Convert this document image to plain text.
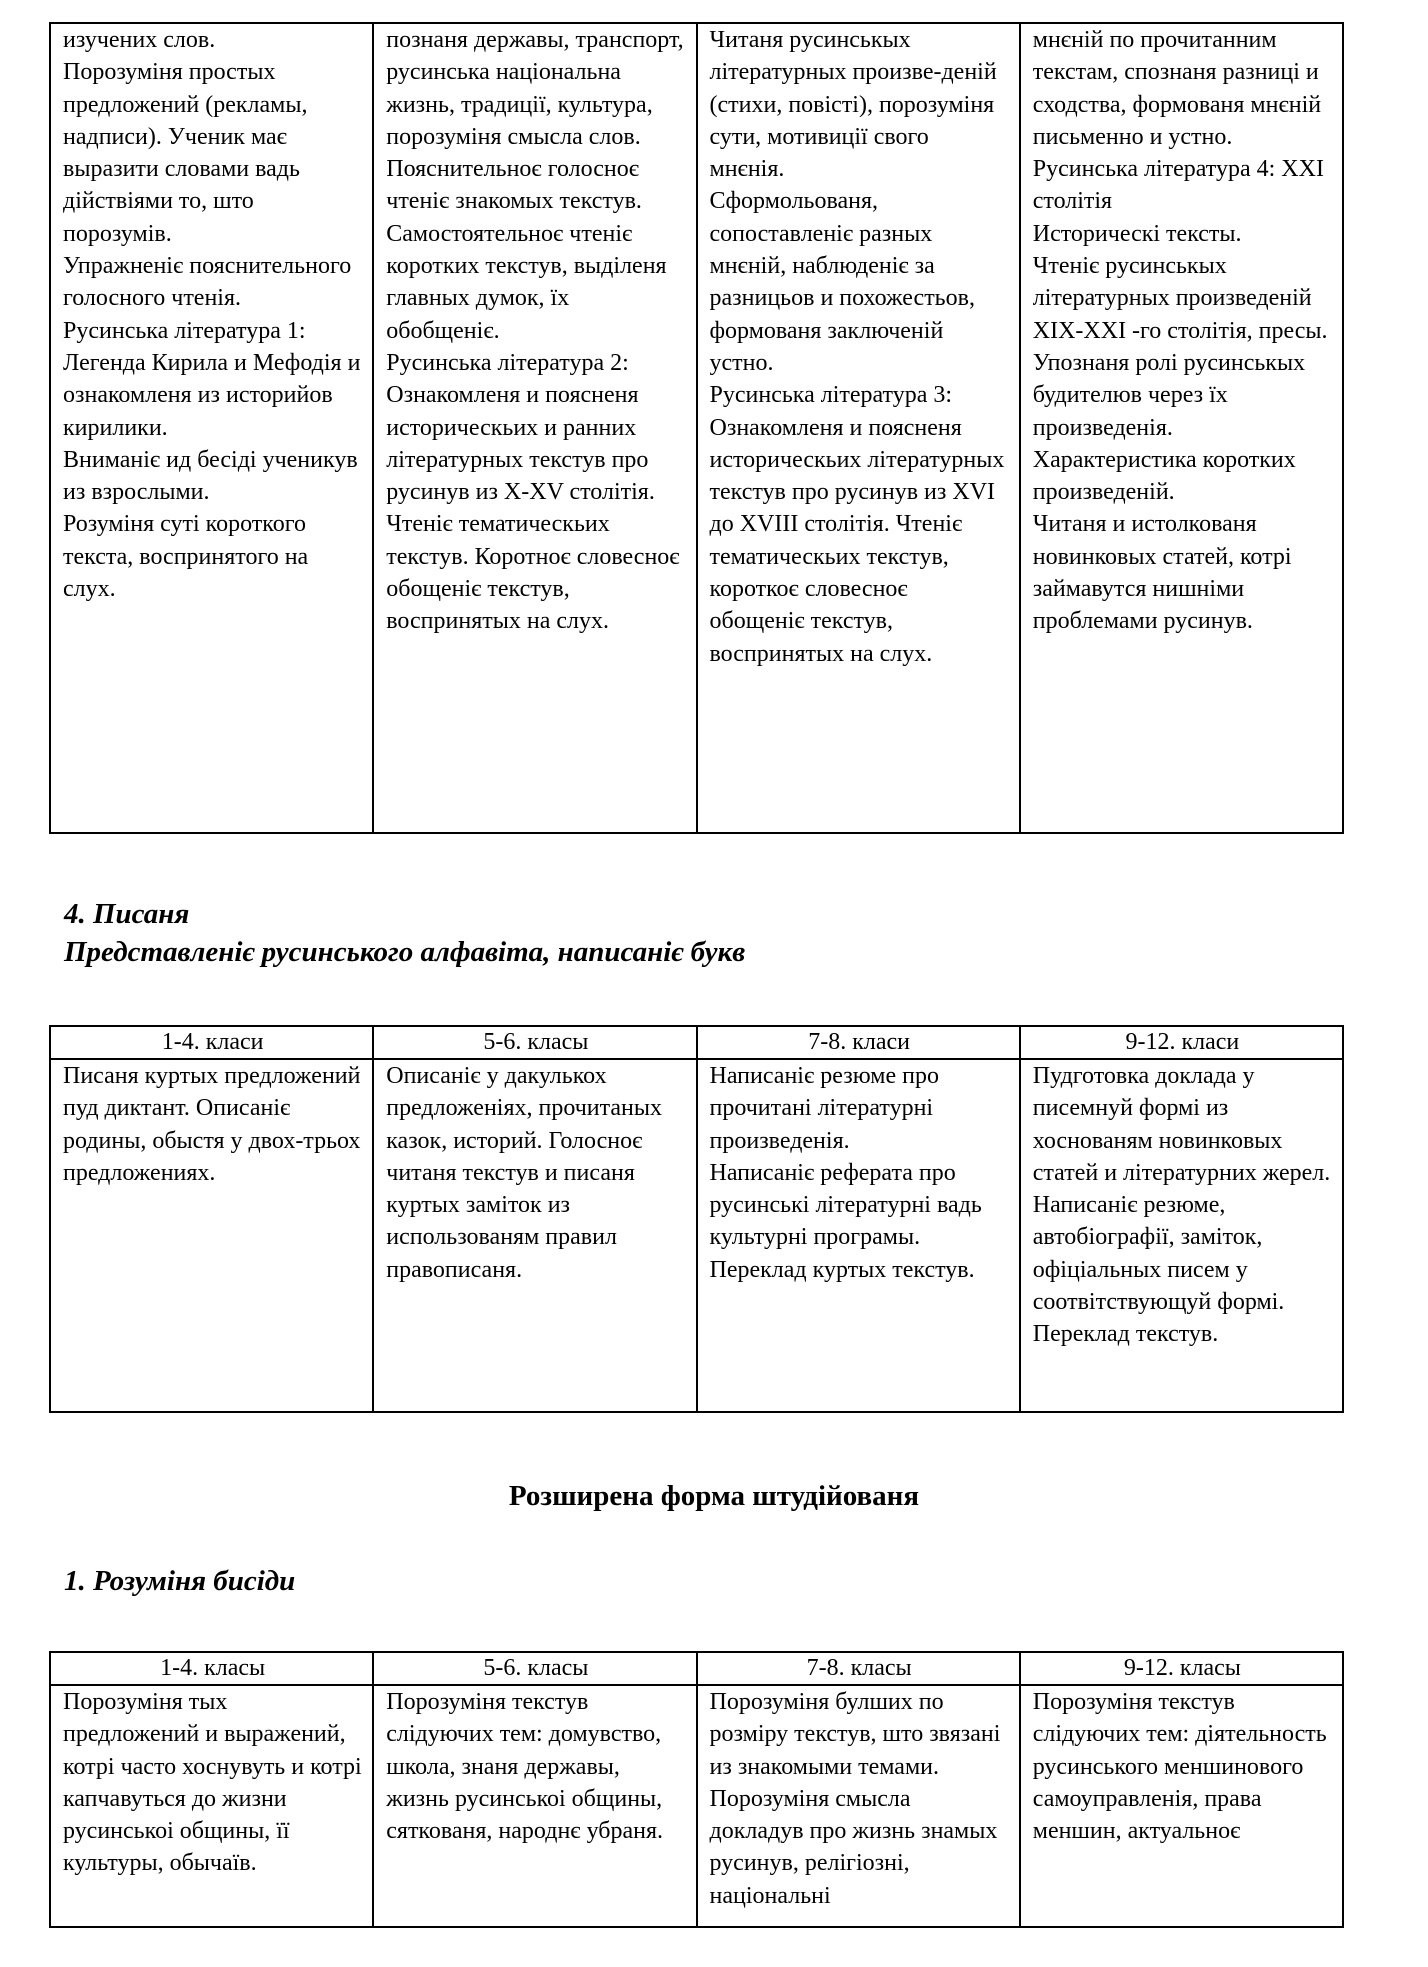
изучених слов.
Порозуміня простых предложений (рекламы, надписи). Ученик має выразити словами вадь дійствіями то, што порозумів.
Упражненіє пояснительного голосного чтенія.
Русинська література 1: Легенда Кирила и Мефодія и ознакомленя из историйов кирилики.
Вниманіє ид бесіді ученикув из взрослыми.
Розуміня суті короткого текста, воспринятого на слух.	познаня державы, транспорт, русинська національна жизнь, традиції, культура, порозуміня смысла слов.
Пояснительноє голосноє чтеніє знакомых текстув.
Самостоятельноє чтеніє коротких текстув, выділеня главных думок, їх обобщеніє.
Русинська література 2: Ознакомленя и поясненя историческьих и ранних літературных текстув про русинув из X-XV столітія.
Чтеніє тематическьих текстув. Коротноє словесноє обощеніє текстув, воспринятых на слух.	Читаня русинськых літературных произве-деній (стихи, повісті), порозуміня сути, мотивиції свого мнєнія.
Сформольованя, сопоставленіє разных мнєній, наблюденіє за разницьов и похожестьов, формованя заключеній устно.
Русинська література 3: Ознакомленя и поясненя историческьих літературных текстув про русинув из XVI до XVIII столітія. Чтеніє тематическьих текстув, короткоє словесноє обощеніє текстув, воспринятых на слух.	мнєній по прочитанним текстам, спознаня разниці и сходства, формованя мнєній письменно и устно.
Русинська література 4: XXI столітія
Историческі тексты.
Чтеніє русинськых літературных произведеній XIX-XXI -го столітія, пресы.
Упознаня ролі русинськых будителюв через їх произведенія.
Характеристика коротких произведеній.
Читаня и истолкованя новинковых статей, котрі займавутся нишніми проблемами русинув.
4. Писаня
Представленіє русинського алфавіта, написаніє букв
1-4. класи	5-6. класы	7-8. класи	9-12. класи
Писаня куртых предложений пуд диктант. Описаніє родины, обыстя у двох-трьох предложениях.	Описаніє у дакулькох предложеніях, прочитаных казок, историй. Голосноє читаня текстув и писаня куртых заміток из использованям правил правописаня.	Написаніє резюме про прочитані літературні произведенія.
Написаніє реферата про русинські літературні вадь культурні програмы. Переклад куртых текстув.	Пудготовка доклада у писемнуй формі из хоснованям новинковых статей и літературних жерел.
Написаніє резюме, автобіографії, заміток, офіціальных писем у соотвітствующуй формі. Переклад текстув.
Розширена форма штудійованя
1. Розуміня бисіди
1-4. класы	5-6. класы	7-8. класы	9-12. класы
Порозуміня тых предложений и выражений, котрі часто хоснувуть и котрі капчавуться до жизни русинськоі общины, її культуры, обычаїв.	Порозуміня текстув слідуючих тем: домувство, школа, знаня державы, жизнь русинськоі общины, сяткованя, народнє убраня.	Порозуміня булших по розміру текстув, што звязані из знакомыми темами. Порозуміня смысла докладув про жизнь знамых русинув, релігіозні, національні	Порозуміня текстув слідуючих тем: діятельность русинського меншинового самоуправленія, права меншин, актуальноє
